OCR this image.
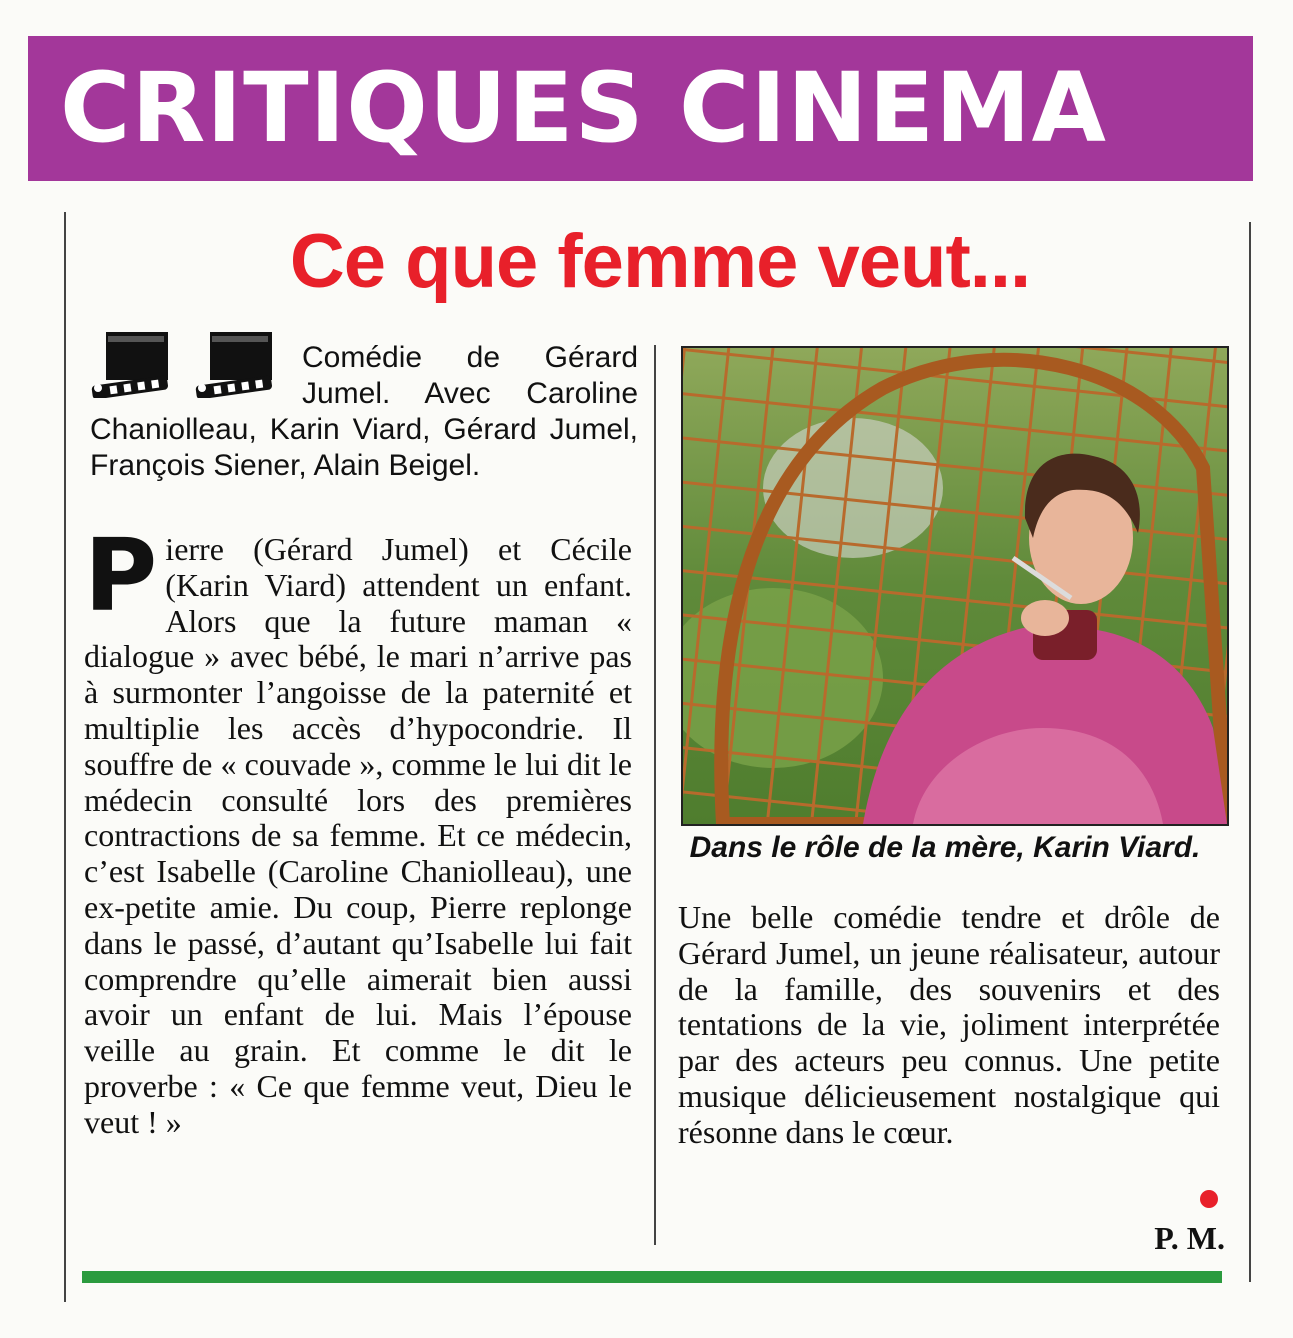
CRITIQUES CINEMA
Ce que femme veut...

Comédie de Gérard Jumel. Avec Caroline Chaniolleau, Karin Viard, Gérard Jumel, François Siener, Alain Beigel.

Pierre (Gérard Jumel) et Cécile (Karin Viard) attendent un enfant. Alors que la future maman « dialogue » avec bébé, le mari n’arrive pas à surmonter l’angoisse de la paternité et multiplie les accès d’hypocondrie. Il souffre de « couvade », comme le lui dit le médecin consulté lors des premières contractions de sa femme. Et ce médecin, c’est Isabelle (Caroline Chaniolleau), une ex-petite amie. Du coup, Pierre replonge dans le passé, d’autant qu’Isabelle lui fait comprendre qu’elle aimerait bien aussi avoir un enfant de lui. Mais l’épouse veille au grain. Et comme le dit le proverbe : « Ce que femme veut, Dieu le veut ! »

Dans le rôle de la mère, Karin Viard.

Une belle comédie tendre et drôle de Gérard Jumel, un jeune réalisateur, autour de la famille, des souvenirs et des tentations de la vie, joliment interprétée par des acteurs peu connus. Une petite musique délicieusement nostalgique qui résonne dans le cœur.

P. M.
